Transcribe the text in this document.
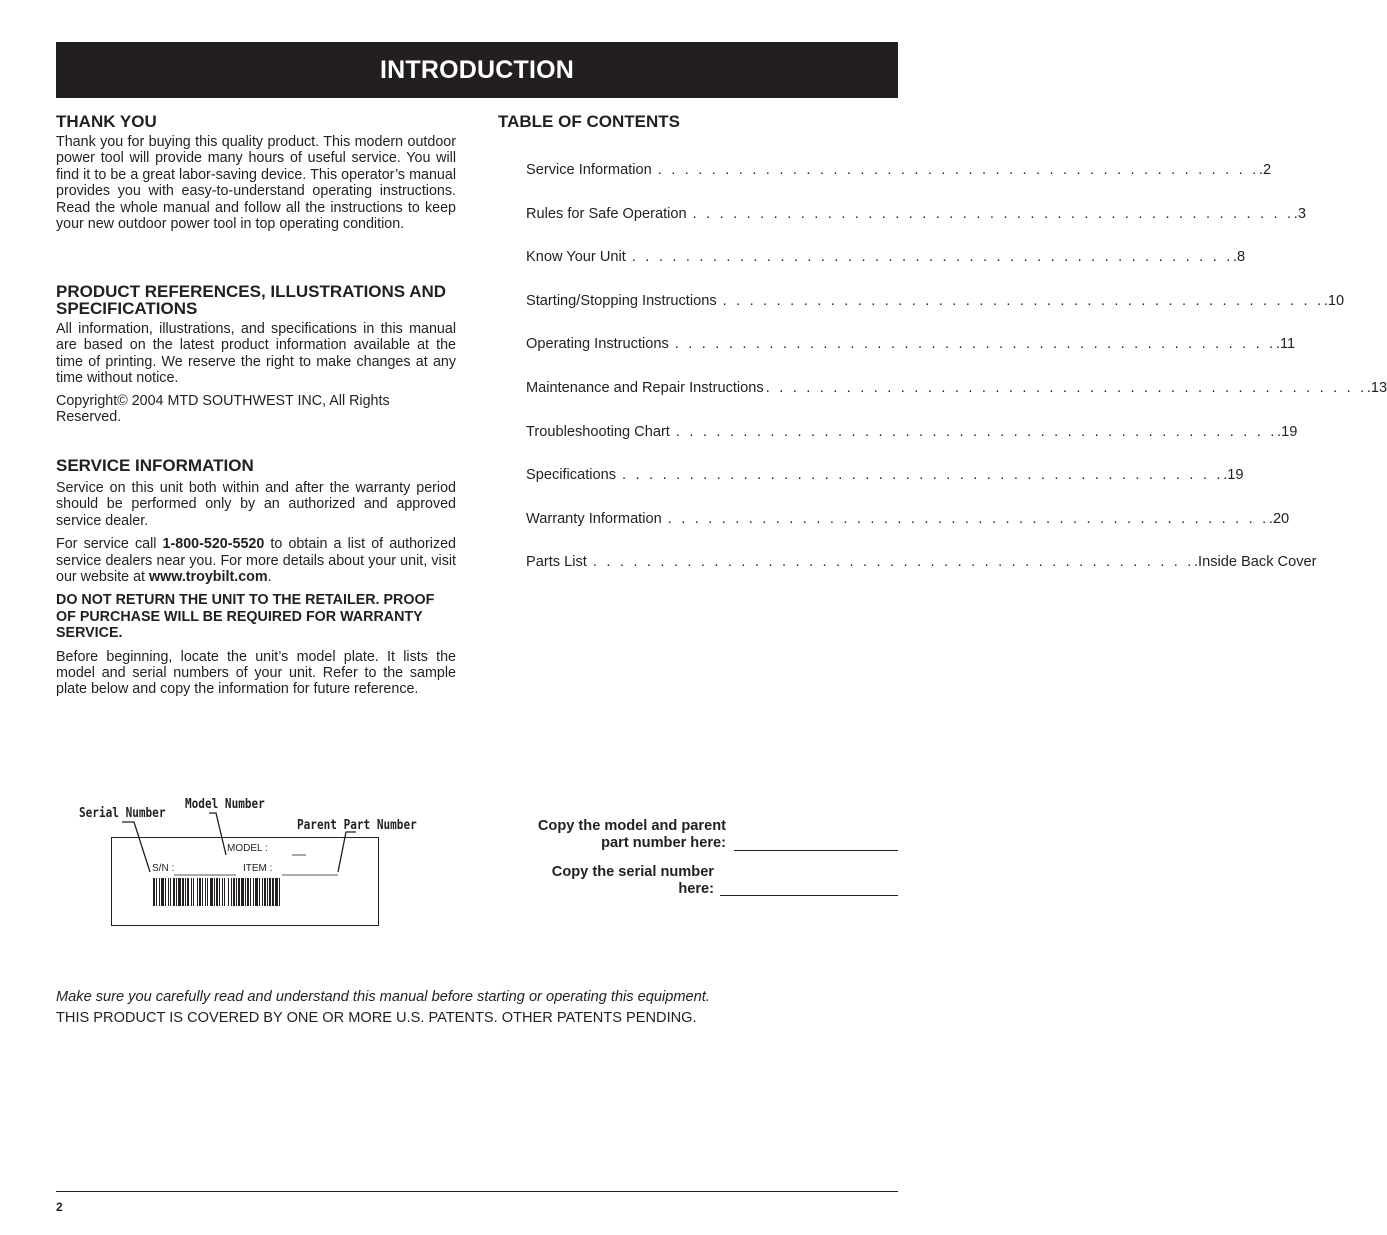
INTRODUCTION
THANK YOU

Thank you for buying this quality product. This modern outdoor power tool will provide many hours of useful service. You will find it to be a great labor-saving device. This operator’s manual provides you with easy-to-understand operating instructions. Read the whole manual and follow all the instructions to keep your new outdoor power tool in top operating condition.

PRODUCT REFERENCES, ILLUSTRATIONS AND SPECIFICATIONS

All information, illustrations, and specifications in this manual are based on the latest product information available at the time of printing. We reserve the right to make changes at any time without notice.

Copyright© 2004 MTD SOUTHWEST INC, All Rights Reserved.

SERVICE INFORMATION

Service on this unit both within and after the warranty period should be performed only by an authorized and approved service dealer.

For service call 1-800-520-5520 to obtain a list of authorized service dealers near you. For more details about your unit, visit our website at www.troybilt.com.

DO NOT RETURN THE UNIT TO THE RETAILER. PROOF OF PURCHASE WILL BE REQUIRED FOR WARRANTY SERVICE.

Before beginning, locate the unit’s model plate. It lists the model and serial numbers of your unit. Refer to the sample plate below and copy the information for future reference.

TABLE OF CONTENTS
Service Information . . . . . . . . . . . . . . . . . . . . . . . . . . . . . . . . . . . . . . . . . . . . . .2
Rules for Safe Operation . . . . . . . . . . . . . . . . . . . . . . . . . . . . . . . . . . . . . . . . . . . . . .3
Know Your Unit . . . . . . . . . . . . . . . . . . . . . . . . . . . . . . . . . . . . . . . . . . . . . .8
Starting/Stopping Instructions . . . . . . . . . . . . . . . . . . . . . . . . . . . . . . . . . . . . . . . . . . . . . .10
Operating Instructions . . . . . . . . . . . . . . . . . . . . . . . . . . . . . . . . . . . . . . . . . . . . . .11
Maintenance and Repair Instructions . . . . . . . . . . . . . . . . . . . . . . . . . . . . . . . . . . . . . . . . . . . . . .13
Troubleshooting Chart . . . . . . . . . . . . . . . . . . . . . . . . . . . . . . . . . . . . . . . . . . . . . .19
Specifications . . . . . . . . . . . . . . . . . . . . . . . . . . . . . . . . . . . . . . . . . . . . . .19
Warranty Information . . . . . . . . . . . . . . . . . . . . . . . . . . . . . . . . . . . . . . . . . . . . . .20
Parts List . . . . . . . . . . . . . . . . . . . . . . . . . . . . . . . . . . . . . . . . . . . . . .Inside Back Cover
Serial Number
Model Number
Parent Part Number
MODEL :
S/N :	ITEM :
Copy the model and parent
part number here:
Copy the serial number
here:
Make sure you carefully read and understand this manual before starting or operating this equipment.
THIS PRODUCT IS COVERED BY ONE OR MORE U.S. PATENTS. OTHER PATENTS PENDING.
2
